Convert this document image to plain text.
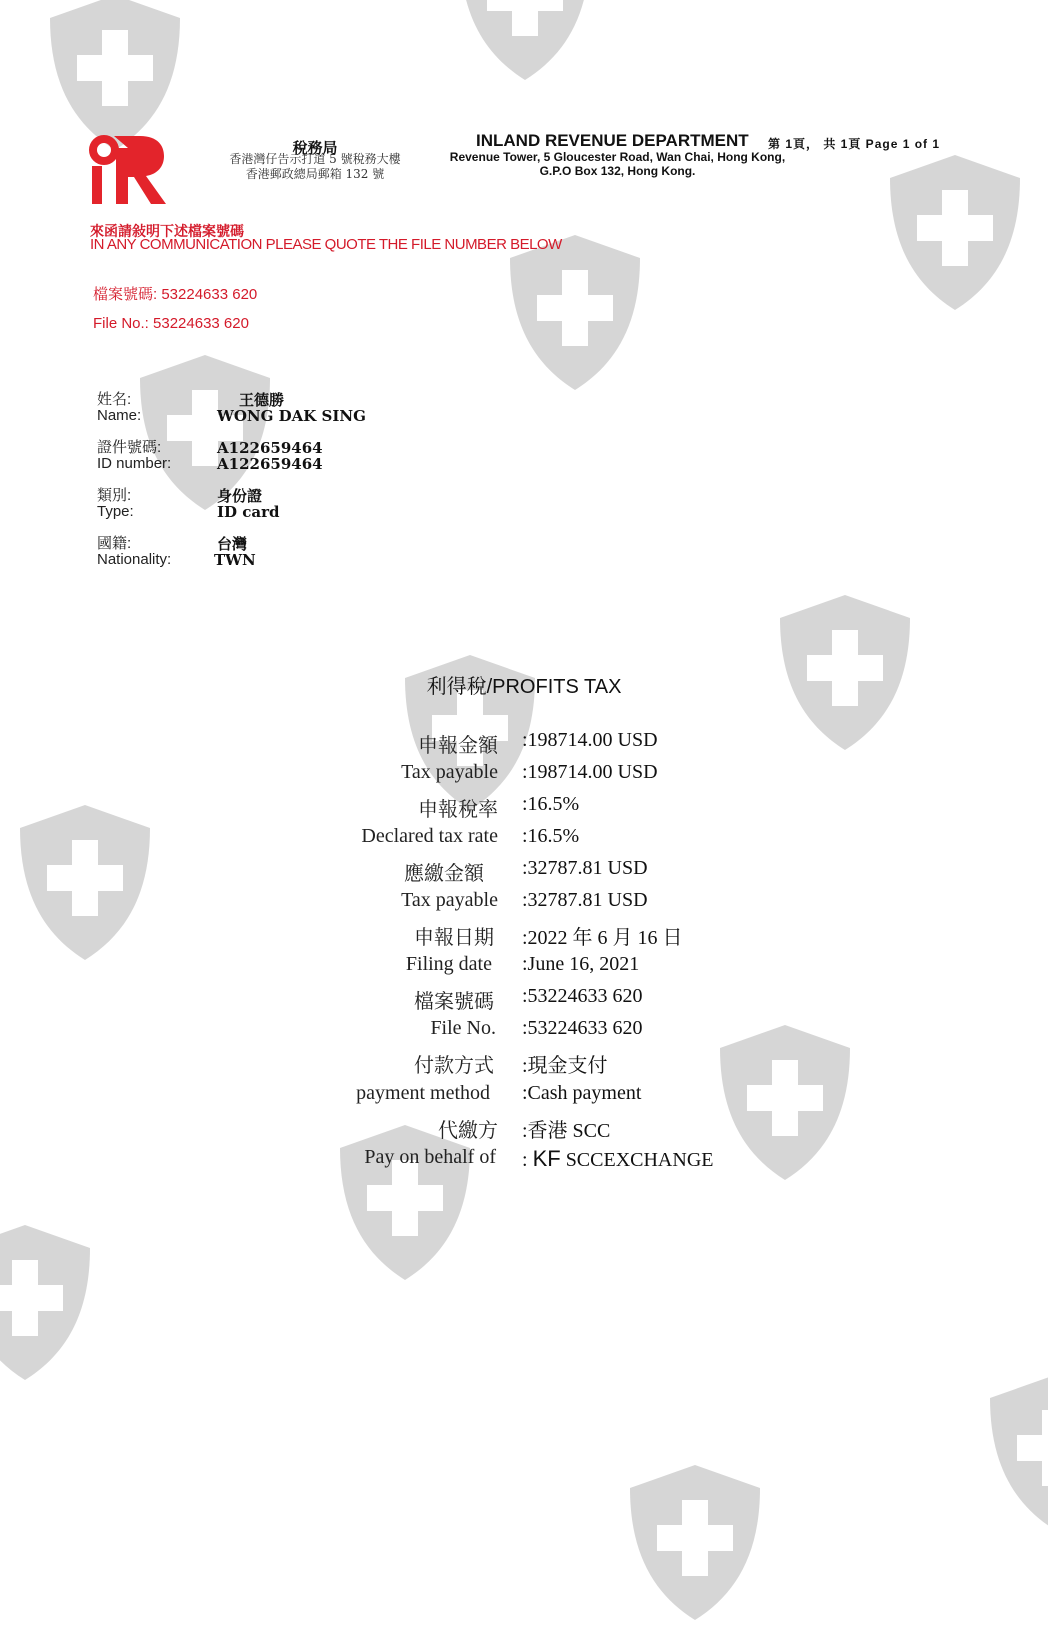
稅務局
香港灣仔告示打道 5 號稅務大樓
香港郵政總局郵箱 132 號
INLAND REVENUE DEPARTMENT 第 1頁， 共 1頁 Page 1 of 1
Revenue Tower, 5 Gloucester Road, Wan Chai, Hong Kong,
G.P.O Box 132, Hong Kong.
來函請敍明下述檔案號碼
IN ANY COMMUNICATION PLEASE QUOTE THE FILE NUMBER BELOW
檔案號碼: 53224633 620
File No.: 53224633 620
姓名:
Name:
王德勝
WONG DAK SING
證件號碼:
ID number:
A122659464
A122659464
類別:
Type:
身份證
ID card
國籍:
Nationality:
台灣
TWN
利得稅/PROFITS TAX
申報金額 :198714.00 USD
Tax payable :198714.00 USD
申報稅率 :16.5%
Declared tax rate :16.5%
應繳金額 :32787.81 USD
Tax payable :32787.81 USD
申報日期 :2022 年 6 月 16 日
Filing date :June 16, 2021
檔案號碼 :53224633 620
File No. :53224633 620
付款方式 :現金支付
payment method :Cash payment
代繳方 :香港 SCC
Pay on behalf of : KF SCCEXCHANGE
